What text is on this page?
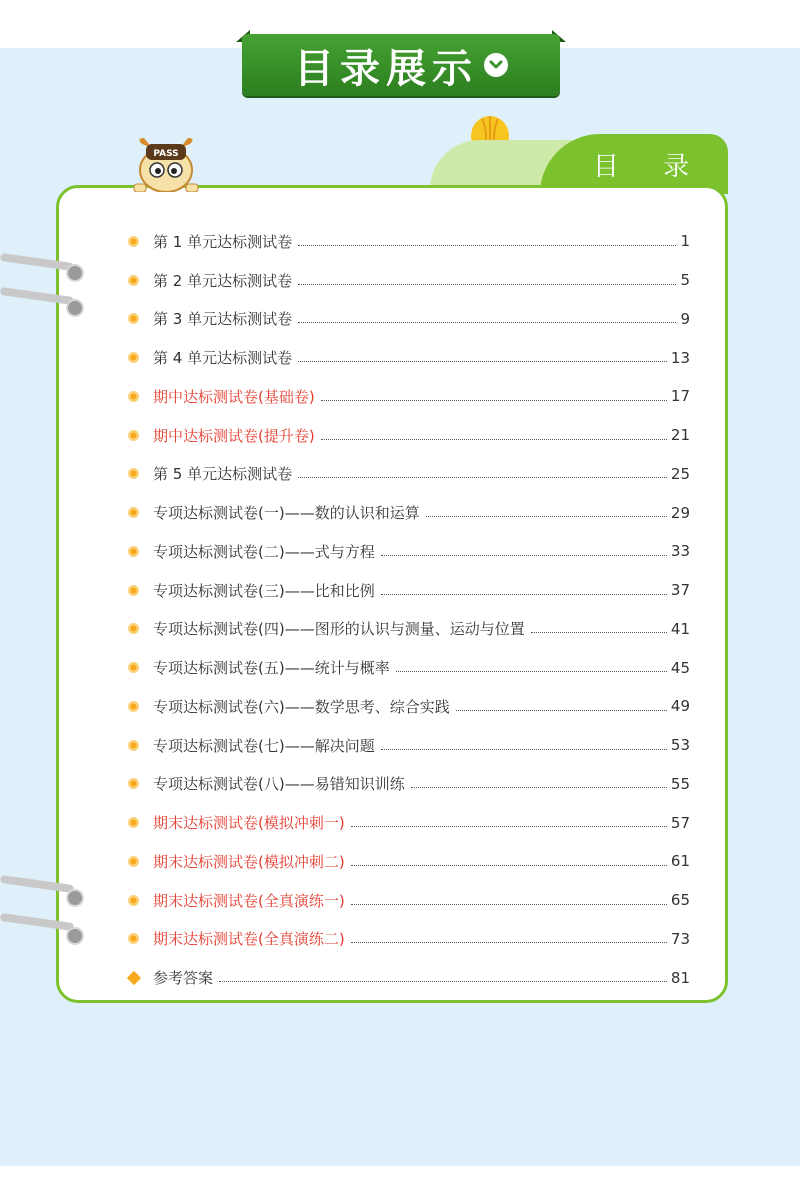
目录展示
目 录
PASS
第 1 单元达标测试卷	1
第 2 单元达标测试卷	5
第 3 单元达标测试卷	9
第 4 单元达标测试卷	13
期中达标测试卷(基础卷)	17
期中达标测试卷(提升卷)	21
第 5 单元达标测试卷	25
专项达标测试卷(一)——数的认识和运算	29
专项达标测试卷(二)——式与方程	33
专项达标测试卷(三)——比和比例	37
专项达标测试卷(四)——图形的认识与测量、运动与位置	41
专项达标测试卷(五)——统计与概率	45
专项达标测试卷(六)——数学思考、综合实践	49
专项达标测试卷(七)——解决问题	53
专项达标测试卷(八)——易错知识训练	55
期末达标测试卷(模拟冲刺一)	57
期末达标测试卷(模拟冲刺二)	61
期末达标测试卷(全真演练一)	65
期末达标测试卷(全真演练二)	73
参考答案	81
